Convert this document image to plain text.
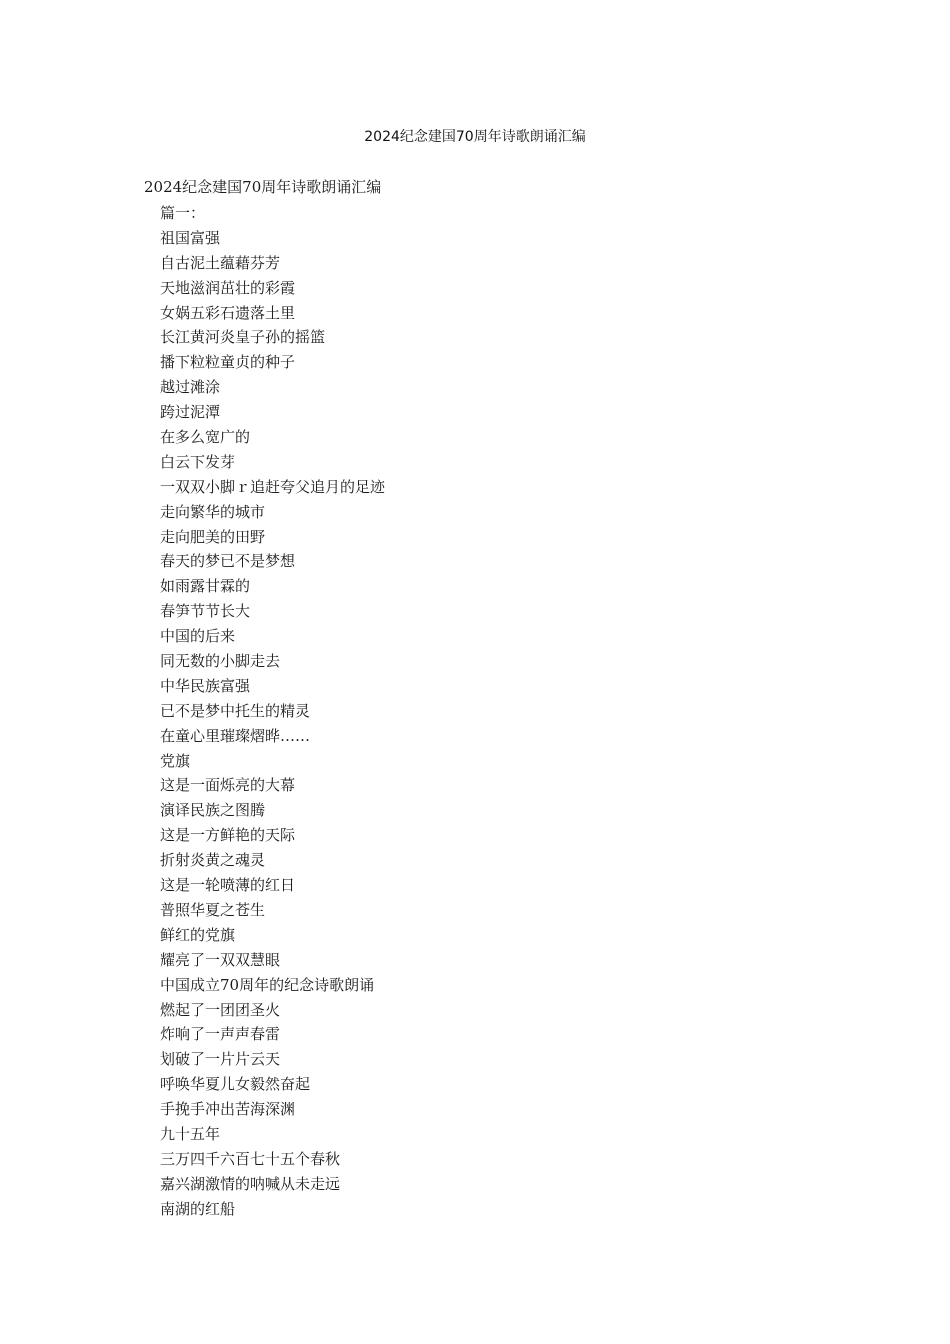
2024纪念建国70周年诗歌朗诵汇编
2024纪念建国70周年诗歌朗诵汇编
篇一：
祖国富强
自古泥土蕴藉芬芳
天地滋润茁壮的彩霞
女娲五彩石遗落土里
长江黄河炎皇子孙的摇篮
播下粒粒童贞的种子
越过滩涂
跨过泥潭
在多么宽广的
白云下发芽
一双双小脚ｒ追赶夸父追月的足迹
走向繁华的城市
走向肥美的田野
春天的梦已不是梦想
如雨露甘霖的
春笋节节长大
中国的后来
同无数的小脚走去
中华民族富强
已不是梦中托生的精灵
在童心里璀璨熠晔……
党旗
这是一面烁亮的大幕
演译民族之图腾
这是一方鲜艳的天际
折射炎黄之魂灵
这是一轮喷薄的红日
普照华夏之苍生
鲜红的党旗
耀亮了一双双慧眼
中国成立70周年的纪念诗歌朗诵
燃起了一团团圣火
炸响了一声声春雷
划破了一片片云天
呼唤华夏儿女毅然奋起
手挽手冲出苦海深渊
九十五年
三万四千六百七十五个春秋
嘉兴湖激情的呐喊从未走远
南湖的红船
